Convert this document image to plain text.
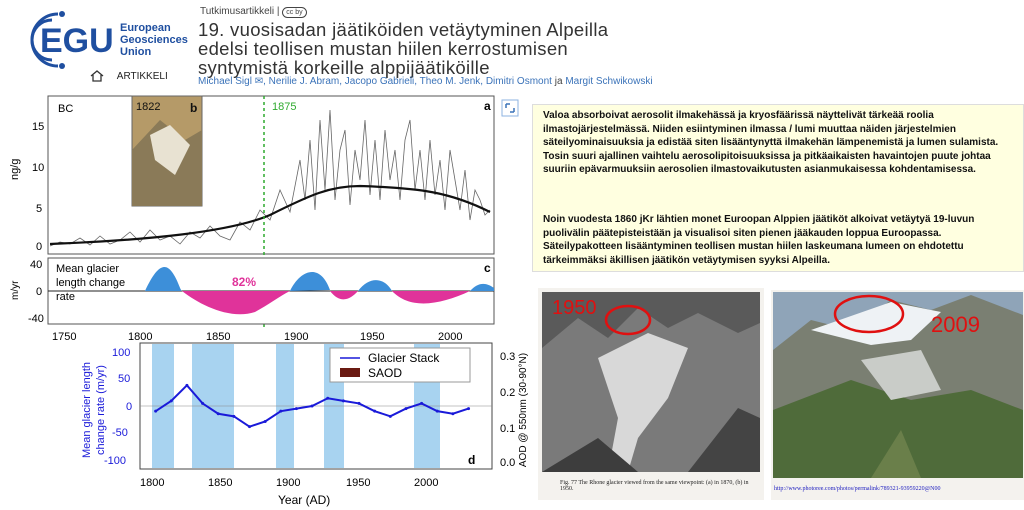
EGU European
Geosciences
Union
Tutkimusartikkeli | cc by
19. vuosisadan jäätiköiden vetäytyminen Alpeilla
edelsi teollisen mustan hiilen kerrostumisen
syntymistä korkeille alppijäätiköille
ARTIKKELI	Michael Sigl ✉, Nerilie J. Abram, Jacopo Gabrieli, Theo M. Jenk, Dimitri Osmont ja Margit Schwikowski
BC	a
ng/g
15
10
5
0
1822 b	1875
Mean glacier
length change
rate
82%
c
m/yr
40
0
-40
1750	1800	1850	1900	1950	2000
100
50
0
-50
-100
0.3
0.2
0.1
0.0
Mean glacier length change rate (m/yr)	AOD @ 550nm (30-90°N)
Glacier Stack
SAOD
d
1800	1850	1900	1950	2000
Year (AD)

Valoa absorboivat aerosolit ilmakehässä ja kryosfäärissä näyttelivät tärkeää roolia ilmastojärjestelmässä. Niiden esiintyminen ilmassa / lumi muuttaa näiden järjestelmien säteilyominaisuuksia ja edistää siten lisääntynyttä ilmakehän lämpenemistä ja lumen sulamista.
Tosin suuri ajallinen vaihtelu aerosolipitoisuuksissa ja pitkäaikaisten havaintojen puute johtaa suuriin epävarmuuksiin aerosolien ilmastovaikutusten asianmukaisessa kohdentamisessa.

Noin vuodesta 1860 jKr lähtien monet Euroopan Alppien jäätiköt alkoivat vetäytyä 19-luvun puolivälin päätepisteistään ja visualisoi siten pienen jääkauden loppua Euroopassa. Säteilypakotteen lisääntyminen teollisen mustan hiilen laskeumana lumeen on ehdotettu tärkeimmäksi äkillisen jäätikön vetäytymisen syyksi Alpeilla.

1950
Fig. 77 The Rhone glacier viewed from the same viewpoint: (a) in 1870, (b) in 1950.
2009
http://www.photoree.com/photos/permalink/789321-93959220@N00
